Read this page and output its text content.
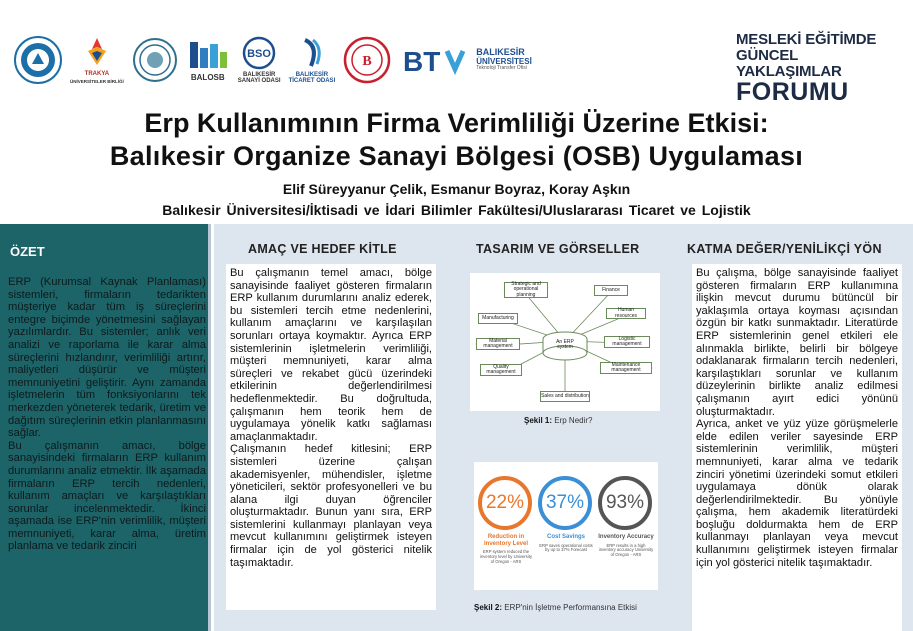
TRAKYA
ÜNİVERSİTELER BİRLİĞİ	BALOSB
BSO
BALIKESİR
SANAYİ ODASI
BALIKESİR
TİCARET ODASI
B BT	BALIKESİR
ÜNİVERSİTESİ
Teknoloji Transfer Ofisi
MESLEKİ EĞİTİMDE
GÜNCEL YAKLAŞIMLAR
FORUMU
Erp Kullanımının Firma Verimliliği Üzerine Etkisi:
Balıkesir Organize Sanayi Bölgesi (OSB) Uygulaması
Elif Süreyyanur Çelik, Esmanur Boyraz, Koray Aşkın
Balıkesir Üniversitesi/İktisadi ve İdari Bilimler Fakültesi/Uluslararası Ticaret ve Lojistik
ÖZET
ERP (Kurumsal Kaynak Planlaması) sistemleri, firmaların tedarikten müşteriye kadar tüm iş süreçlerini entegre biçimde yönetmesini sağlayan yazılımlardır. Bu sistemler; anlık veri analizi ve raporlama ile karar alma süreçlerini hızlandırır, verimliliği artırır, maliyetleri düşürür ve müşteri memnuniyetini geliştirir. Aynı zamanda işletmelerin tüm fonksiyonlarını tek merkezden yöneterek tedarik, üretim ve dağıtım süreçlerinin etkin planlanmasını sağlar.
Bu çalışmanın amacı, bölge sanayisindeki firmaların ERP kullanım durumlarını analiz etmektir. İlk aşamada firmaların ERP tercih nedenleri, kullanım amaçları ve karşılaştıkları sorunlar incelenmektedir. İkinci aşamada ise ERP'nin verimlilik, müşteri memnuniyeti, karar alma, üretim planlama ve tedarik zinciri
AMAÇ VE HEDEF KİTLE
Bu çalışmanın temel amacı, bölge sanayisinde faaliyet gösteren firmaların ERP kullanım durumlarını analiz ederek, bu sistemleri tercih etme nedenlerini, kullanım amaçlarını ve karşılaşılan sorunları ortaya koymaktır. Ayrıca ERP sistemlerinin işletmelerin verimliliği, müşteri memnuniyeti, karar alma süreçleri ve rekabet gücü üzerindeki etkilerinin değerlendirilmesi hedeflenmektedir. Bu doğrultuda, çalışmanın hem teorik hem de uygulamaya yönelik katkı sağlaması amaçlanmaktadır.
Çalışmanın hedef kitlesini; ERP sistemleri üzerine çalışan akademisyenler, mühendisler, işletme yöneticileri, sektör profesyonelleri ve bu alana ilgi duyan öğrenciler oluşturmaktadır. Bunun yanı sıra, ERP sistemlerini kullanmayı planlayan veya mevcut kullanımını geliştirmek isteyen firmalar için de yol gösterici nitelik taşımaktadır.
TASARIM VE GÖRSELLER
Strategic and operational planning
Finance
Manufacturing
Human resources
An ERP system
Material management
Logistic management
Quality management
Maintenance management
Sales and distribution
Şekil 1: Erp Nedir?
22%
Reduction in Inventory Level
ERP system reduced the inventory level by University of Oregon - ARS
37%
Cost Savings
ERP saves operational costs by up to 37% Forecast
93%
Inventory Accuracy
ERP results in a high inventory accuracy University of Oregon - ARS
Şekil 2: ERP'nin İşletme Performansına Etkisi
KATMA DEĞER/YENİLİKÇİ YÖN
Bu çalışma, bölge sanayisinde faaliyet gösteren firmaların ERP kullanımına ilişkin mevcut durumu bütüncül bir yaklaşımla ortaya koyması açısından özgün bir katkı sunmaktadır. Literatürde ERP sistemlerinin genel etkileri ele alınmakla birlikte, belirli bir bölgeye odaklanarak firmaların tercih nedenleri, karşılaştıkları sorunlar ve kullanım düzeylerinin birlikte analiz edilmesi çalışmanın ayırt edici yönünü oluşturmaktadır.
Ayrıca, anket ve yüz yüze görüşmelerle elde edilen veriler sayesinde ERP sistemlerinin verimlilik, müşteri memnuniyeti, karar alma ve tedarik zinciri yönetimi üzerindeki somut etkileri uygulamaya dönük olarak değerlendirilmektedir. Bu yönüyle çalışma, hem akademik literatürdeki boşluğu doldurmakta hem de ERP kullanmayı planlayan veya mevcut kullanımını geliştirmek isteyen firmalar için yol gösterici nitelik taşımaktadır.
